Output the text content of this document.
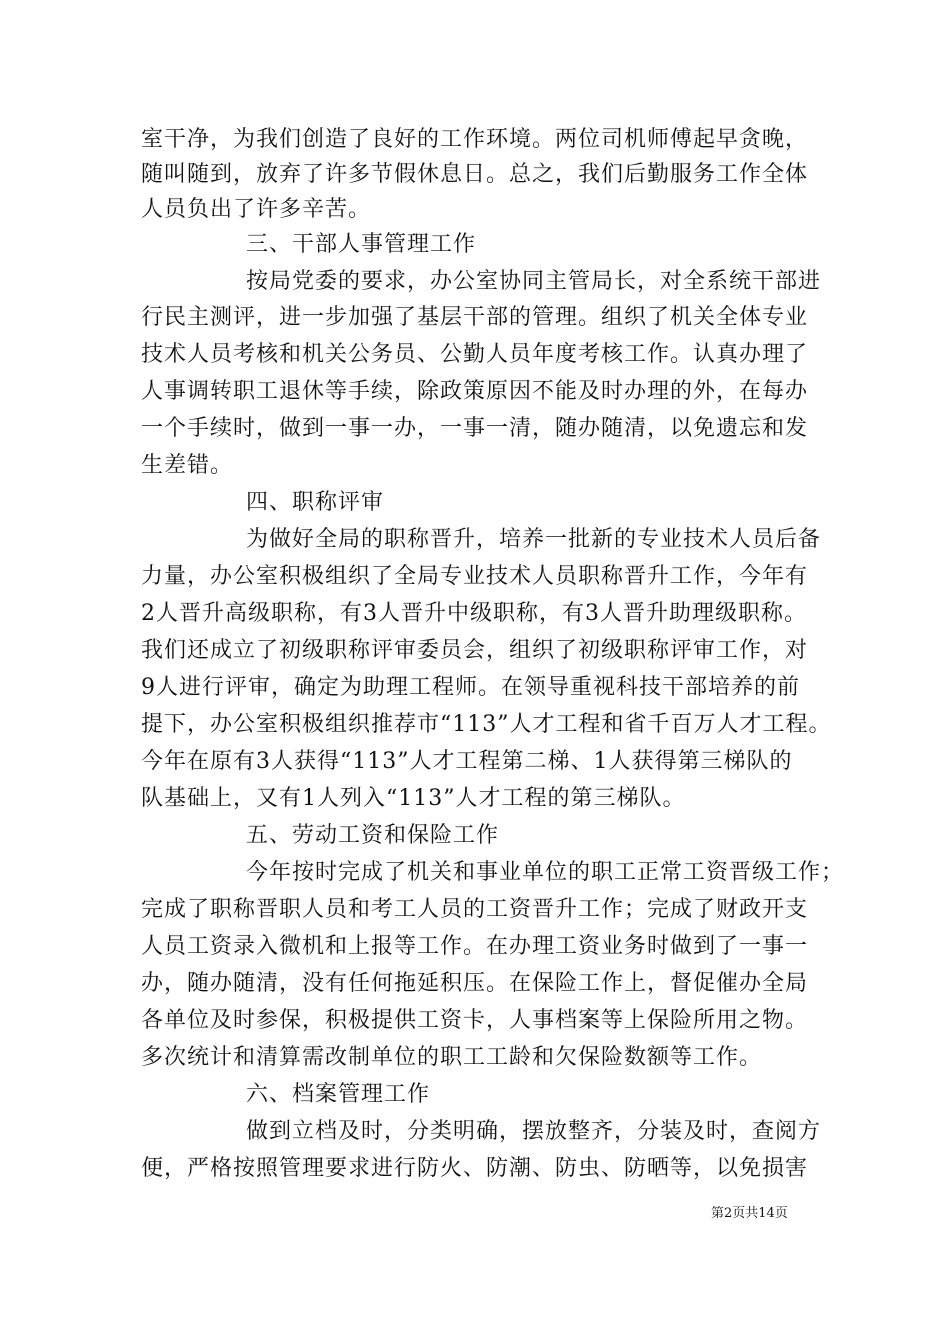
室干净，为我们创造了良好的工作环境。两位司机师傅起早贪晚，
随叫随到，放弃了许多节假休息日。总之，我们后勤服务工作全体
人员负出了许多辛苦。
三、干部人事管理工作
按局党委的要求，办公室协同主管局长，对全系统干部进
行民主测评，进一步加强了基层干部的管理。组织了机关全体专业
技术人员考核和机关公务员、公勤人员年度考核工作。认真办理了
人事调转职工退休等手续，除政策原因不能及时办理的外，在每办
一个手续时，做到一事一办，一事一清，随办随清，以免遗忘和发
生差错。
四、职称评审
为做好全局的职称晋升，培养一批新的专业技术人员后备
力量，办公室积极组织了全局专业技术人员职称晋升工作，今年有
2人晋升高级职称，有3人晋升中级职称，有3人晋升助理级职称。
我们还成立了初级职称评审委员会，组织了初级职称评审工作，对
9人进行评审，确定为助理工程师。在领导重视科技干部培养的前
提下，办公室积极组织推荐市“113”人才工程和省千百万人才工程。
今年在原有3人获得“113”人才工程第二梯、1人获得第三梯队的
队基础上，又有1人列入“113”人才工程的第三梯队。
五、劳动工资和保险工作
今年按时完成了机关和事业单位的职工正常工资晋级工作；
完成了职称晋职人员和考工人员的工资晋升工作；完成了财政开支
人员工资录入微机和上报等工作。在办理工资业务时做到了一事一
办，随办随清，没有任何拖延积压。在保险工作上，督促催办全局
各单位及时参保，积极提供工资卡，人事档案等上保险所用之物。
多次统计和清算需改制单位的职工工龄和欠保险数额等工作。
六、档案管理工作
做到立档及时，分类明确，摆放整齐，分装及时，查阅方
便，严格按照管理要求进行防火、防潮、防虫、防晒等，以免损害
第2页共14页
